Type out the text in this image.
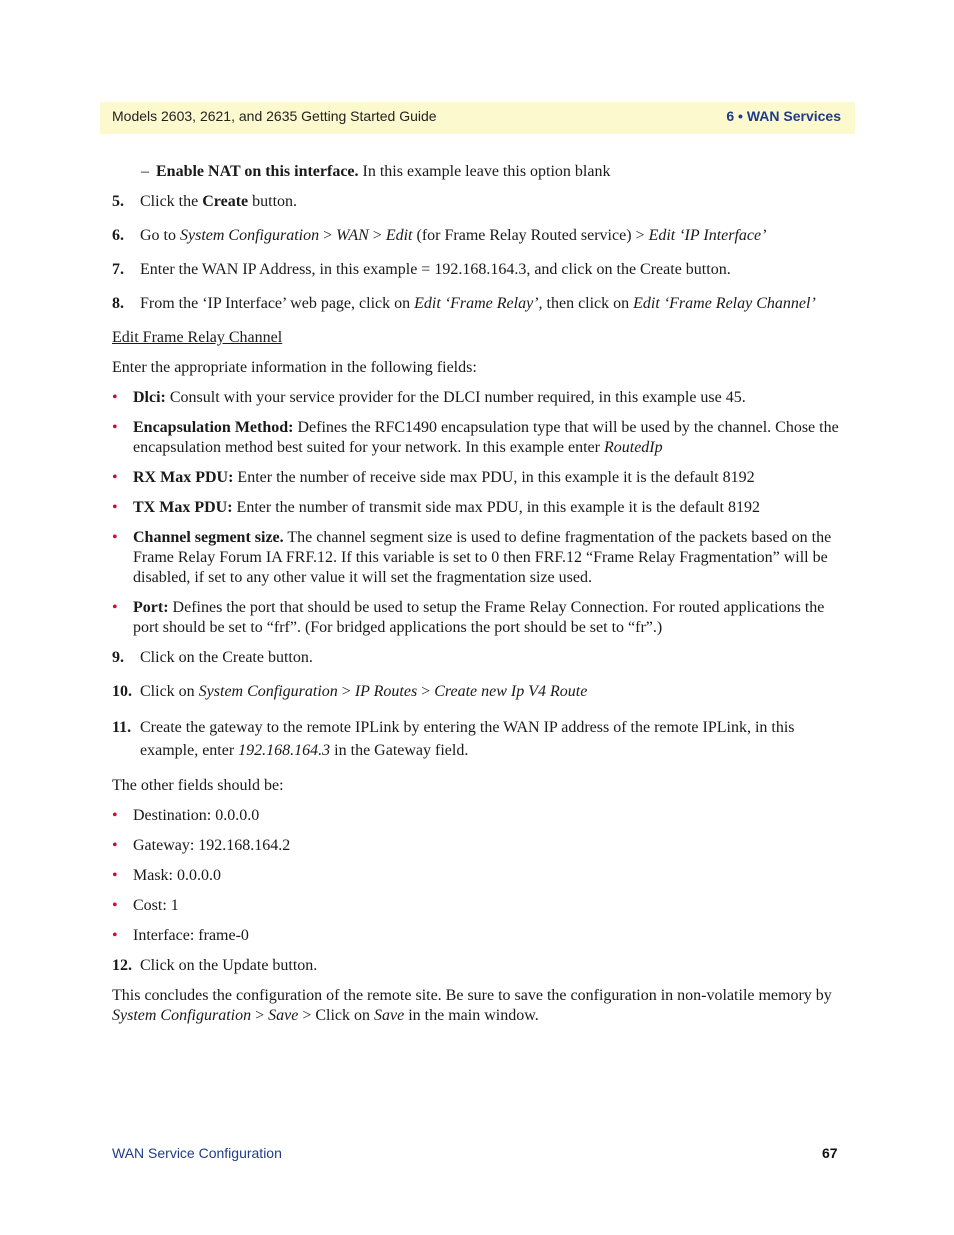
Models 2603, 2621, and 2635 Getting Started Guide	6 • WAN Services
– Enable NAT on this interface. In this example leave this option blank
5. Click the Create button.
6. Go to System Configuration > WAN > Edit (for Frame Relay Routed service) > Edit ‘IP Interface’
7. Enter the WAN IP Address, in this example = 192.168.164.3, and click on the Create button.
8. From the ‘IP Interface’ web page, click on Edit ‘Frame Relay’, then click on Edit ‘Frame Relay Channel’
Edit Frame Relay Channel
Enter the appropriate information in the following fields:
• Dlci: Consult with your service provider for the DLCI number required, in this example use 45.
• Encapsulation Method: Defines the RFC1490 encapsulation type that will be used by the channel. Chose the encapsulation method best suited for your network. In this example enter RoutedIp
• RX Max PDU: Enter the number of receive side max PDU, in this example it is the default 8192
• TX Max PDU: Enter the number of transmit side max PDU, in this example it is the default 8192
• Channel segment size. The channel segment size is used to define fragmentation of the packets based on the Frame Relay Forum IA FRF.12. If this variable is set to 0 then FRF.12 “Frame Relay Fragmentation” will be disabled, if set to any other value it will set the fragmentation size used.
• Port: Defines the port that should be used to setup the Frame Relay Connection. For routed applications the port should be set to “frf”. (For bridged applications the port should be set to “fr”.)
9. Click on the Create button.
10. Click on System Configuration > IP Routes > Create new Ip V4 Route
11. Create the gateway to the remote IPLink by entering the WAN IP address of the remote IPLink, in this example, enter 192.168.164.3 in the Gateway field.
The other fields should be:
• Destination: 0.0.0.0
• Gateway: 192.168.164.2
• Mask: 0.0.0.0
• Cost: 1
• Interface: frame-0
12. Click on the Update button.
This concludes the configuration of the remote site. Be sure to save the configuration in non-volatile memory by System Configuration > Save > Click on Save in the main window.
WAN Service Configuration	67
